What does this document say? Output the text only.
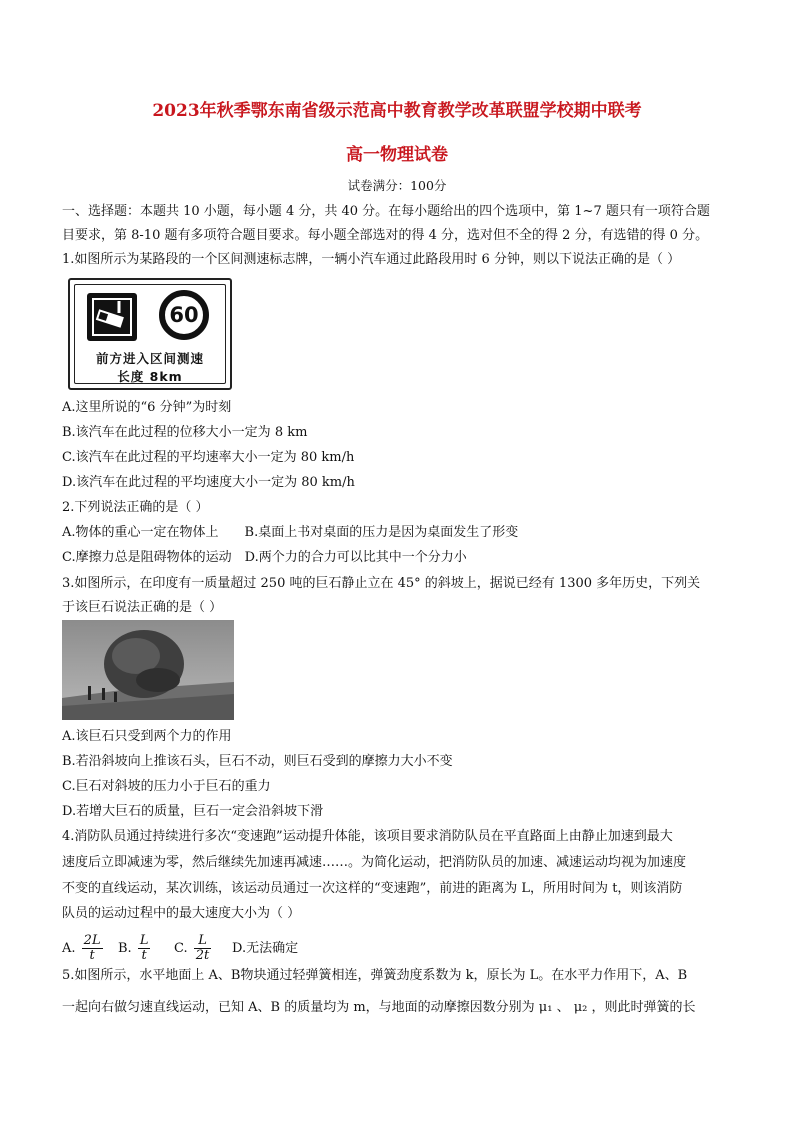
2023年秋季鄂东南省级示范高中教育教学改革联盟学校期中联考
高一物理试卷
试卷满分：100分
一、选择题：本题共 10 小题，每小题 4 分，共 40 分。在每小题给出的四个选项中，第 1~7 题只有一项符合题
目要求，第 8-10 题有多项符合题目要求。每小题全部选对的得 4 分，选对但不全的得 2 分，有选错的得 0 分。
1.如图所示为某路段的一个区间测速标志牌，一辆小汽车通过此路段用时 6 分钟，则以下说法正确的是（ ）
60
前方进入区间测速
长度 8km
A.这里所说的“6 分钟”为时刻
B.该汽车在此过程的位移大小一定为 8 km
C.该汽车在此过程的平均速率大小一定为 80 km/h
D.该汽车在此过程的平均速度大小一定为 80 km/h
2.下列说法正确的是（ ）
A.物体的重心一定在物体上　　B.桌面上书对桌面的压力是因为桌面发生了形变
C.摩擦力总是阻碍物体的运动　D.两个力的合力可以比其中一个分力小
3.如图所示，在印度有一质量超过 250 吨的巨石静止立在 45° 的斜坡上，据说已经有 1300 多年历史，下列关
于该巨石说法正确的是（ ）
A.该巨石只受到两个力的作用
B.若沿斜坡向上推该石头，巨石不动，则巨石受到的摩擦力大小不变
C.巨石对斜坡的压力小于巨石的重力
D.若增大巨石的质量，巨石一定会沿斜坡下滑
4.消防队员通过持续进行多次“变速跑”运动提升体能，该项目要求消防队员在平直路面上由静止加速到最大
速度后立即减速为零，然后继续先加速再减速……。为简化运动，把消防队员的加速、减速运动均视为加速度
不变的直线运动，某次训练，该运动员通过一次这样的“变速跑”，前进的距离为 L，所用时间为 t，则该消防
队员的运动过程中的最大速度大小为（ ）
A. $\frac{2L}{t} B$. $\frac{L}{t} C$. $\frac{L}{2t} D$.无法确定
5.如图所示，水平地面上 A、B物块通过轻弹簧相连，弹簧劲度系数为 k，原长为 L。在水平力作用下，A、B
一起向右做匀速直线运动，已知 A、B 的质量均为 m，与地面的动摩擦因数分别为 μ₁ 、 μ₂ ，则此时弹簧的长
